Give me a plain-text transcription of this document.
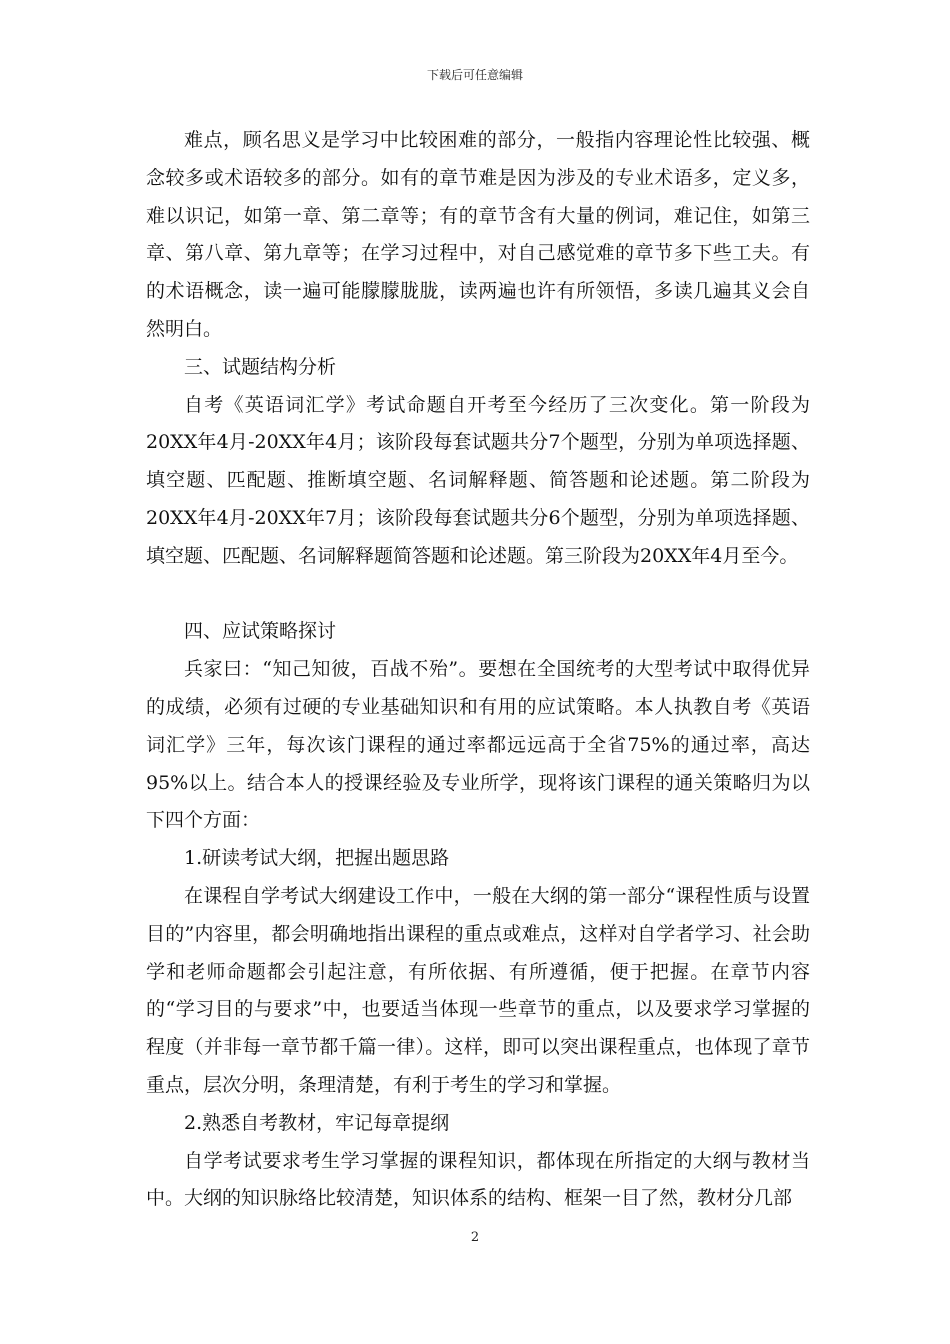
下载后可任意编辑

难点，顾名思义是学习中比较困难的部分，一般指内容理论性比较强、概念较多或术语较多的部分。如有的章节难是因为涉及的专业术语多，定义多，难以识记，如第一章、第二章等；有的章节含有大量的例词，难记住，如第三章、第八章、第九章等；在学习过程中，对自己感觉难的章节多下些工夫。有的术语概念，读一遍可能朦朦胧胧，读两遍也许有所领悟，多读几遍其义会自然明白。

三、试题结构分析

自考《英语词汇学》考试命题自开考至今经历了三次变化。第一阶段为20XX年4月-20XX年4月；该阶段每套试题共分7个题型，分别为单项选择题、填空题、匹配题、推断填空题、名词解释题、简答题和论述题。第二阶段为20XX年4月-20XX年7月；该阶段每套试题共分6个题型，分别为单项选择题、填空题、匹配题、名词解释题简答题和论述题。第三阶段为20XX年4月至今。

四、应试策略探讨

兵家曰：“知己知彼，百战不殆”。要想在全国统考的大型考试中取得优异的成绩，必须有过硬的专业基础知识和有用的应试策略。本人执教自考《英语词汇学》三年，每次该门课程的通过率都远远高于全省75%的通过率，高达95%以上。结合本人的授课经验及专业所学，现将该门课程的通关策略归为以下四个方面：

1.研读考试大纲，把握出题思路

在课程自学考试大纲建设工作中，一般在大纲的第一部分“课程性质与设置目的”内容里，都会明确地指出课程的重点或难点，这样对自学者学习、社会助学和老师命题都会引起注意，有所依据、有所遵循，便于把握。在章节内容的“学习目的与要求”中，也要适当体现一些章节的重点，以及要求学习掌握的程度（并非每一章节都千篇一律）。这样，即可以突出课程重点，也体现了章节重点，层次分明，条理清楚，有利于考生的学习和掌握。

2.熟悉自考教材，牢记每章提纲

自学考试要求考生学习掌握的课程知识，都体现在所指定的大纲与教材当中。大纲的知识脉络比较清楚，知识体系的结构、框架一目了然，教材分几部

2
